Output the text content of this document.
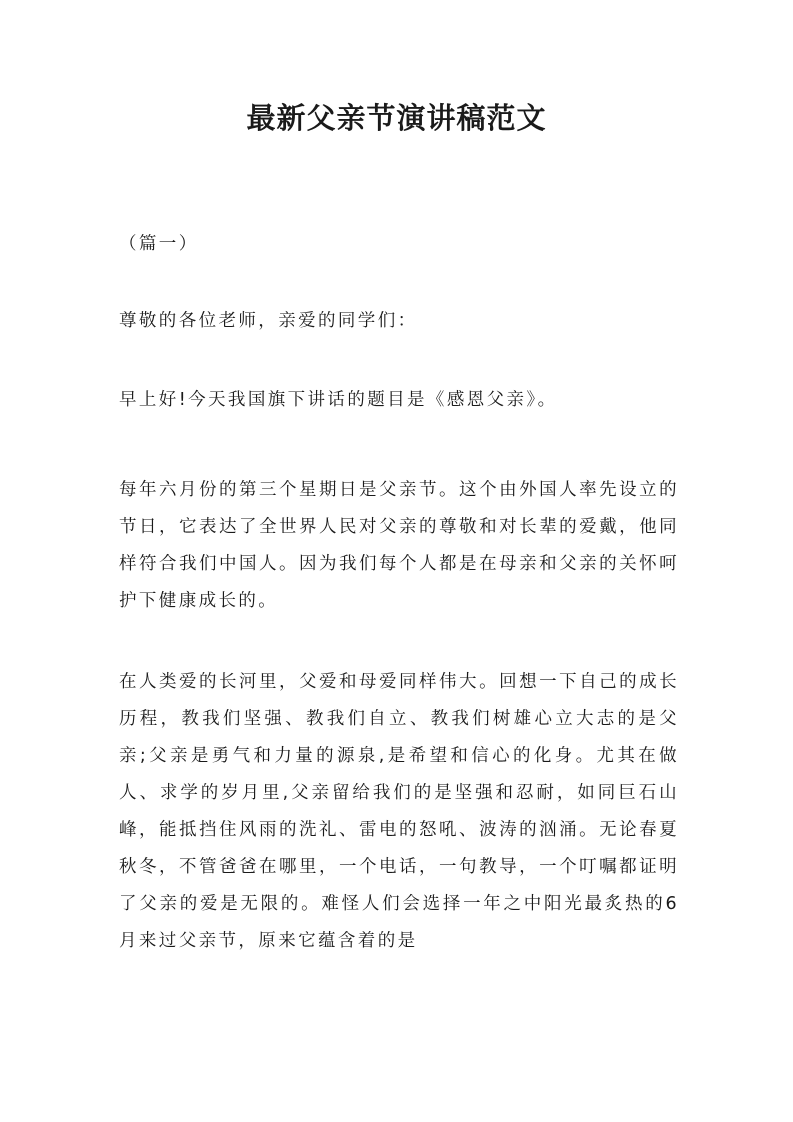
最新父亲节演讲稿范文

（篇一）

尊敬的各位老师，亲爱的同学们：

早上好!今天我国旗下讲话的题目是《感恩父亲》。

每年六月份的第三个星期日是父亲节。这个由外国人率先设立的节日，它表达了全世界人民对父亲的尊敬和对长辈的爱戴，他同样符合我们中国人。因为我们每个人都是在母亲和父亲的关怀呵护下健康成长的。

在人类爱的长河里，父爱和母爱同样伟大。回想一下自己的成长历程，教我们坚强、教我们自立、教我们树雄心立大志的是父亲;父亲是勇气和力量的源泉,是希望和信心的化身。尤其在做人、求学的岁月里,父亲留给我们的是坚强和忍耐，如同巨石山峰，能抵挡住风雨的洗礼、雷电的怒吼、波涛的汹涌。无论春夏秋冬，不管爸爸在哪里，一个电话，一句教导，一个叮嘱都证明了父亲的爱是无限的。难怪人们会选择一年之中阳光最炙热的6月来过父亲节，原来它蕴含着的是
